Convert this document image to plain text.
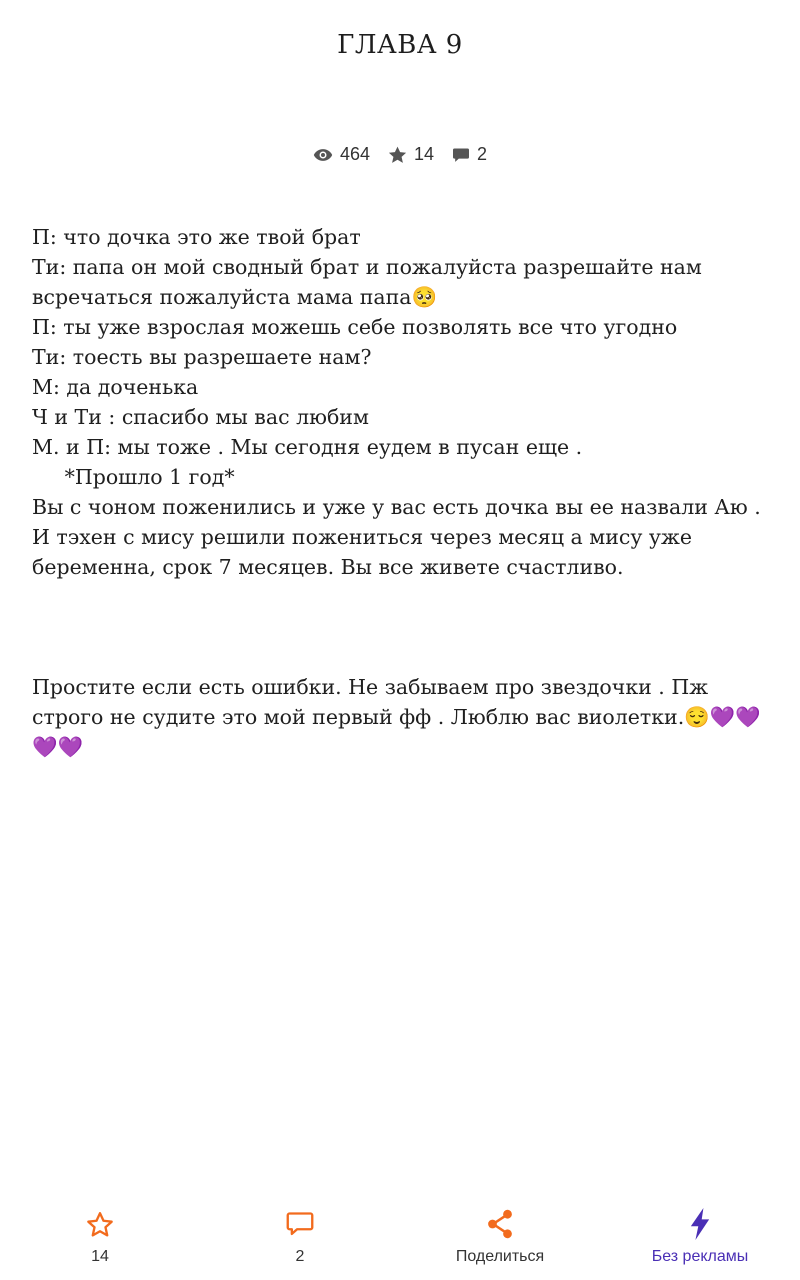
ГЛАВА 9
464 14 2

П: что дочка это же твой брат
Ти: папа он мой сводный брат и пожалуйста разрешайте нам всречаться пожалуйста мама папа🥺
П: ты уже взрослая можешь себе позволять все что угодно
Ти: тоесть вы разрешаете нам?
М: да доченька
Ч и Ти : спасибо мы вас любим
М. и П: мы тоже . Мы сегодня еудем в пусан еще .
*Прошло 1 год*
Вы с чоном поженились и уже у вас есть дочка вы ее назвали Аю . И тэхен с мису решили пожениться через месяц а мису уже беременна, срок 7 месяцев. Вы все живете счастливо.

Простите если есть ошибки. Не забываем про звездочки . Пж строго не судите это мой первый фф . Люблю вас виолетки.😌💜💜💜💜

14	2	Поделиться	Без рекламы
